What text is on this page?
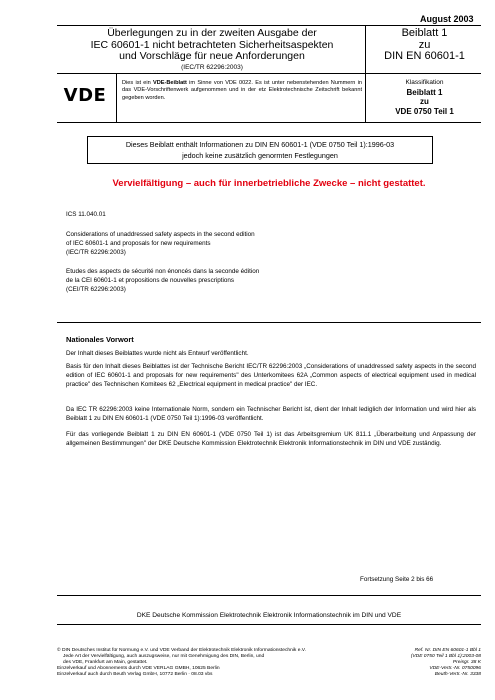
August 2003
Überlegungen zu in der zweiten Ausgabe der
IEC 60601-1 nicht betrachteten Sicherheitsaspekten
und Vorschläge für neue Anforderungen
(IEC/TR 62296:2003)
Beiblatt 1
zu
DIN EN 60601-1
VDE
Dies ist ein VDE-Beiblatt im Sinne von VDE 0022. Es ist unter nebenstehenden Nummern in das VDE-Vorschriftenwerk aufgenommen und in der etz Elektrotechnische Zeitschrift bekannt gegeben worden.
Klassifikation
Beiblatt 1
zu
VDE 0750 Teil 1
Dieses Beiblatt enthält Informationen zu DIN EN 60601-1 (VDE 0750 Teil 1):1996-03
jedoch keine zusätzlich genormten Festlegungen
Vervielfältigung – auch für innerbetriebliche Zwecke – nicht gestattet.
ICS 11.040.01
Considerations of unaddressed safety aspects in the second edition
of IEC 60601-1 and proposals for new requirements
(IEC/TR 62296:2003)
Etudes des aspects de sécurité non énoncés dans la seconde édition
de la CEI 60601-1 et propositions de nouvelles prescriptions
(CEI/TR 62296:2003)
Nationales Vorwort
Der Inhalt dieses Beiblattes wurde nicht als Entwurf veröffentlicht.
Basis für den Inhalt dieses Beiblattes ist der Technische Bericht IEC/TR 62296:2003 „Considerations of unaddressed safety aspects in the second edition of IEC 60601-1 and proposals for new requirements" des Unterkomitees 62A „Common aspects of electrical equipment used in medical practice" des Technischen Komitees 62 „Electrical equipment in medical practice" der IEC.
Da IEC TR 62296:2003 keine Internationale Norm, sondern ein Technischer Bericht ist, dient der Inhalt lediglich der Information und wird hier als Beiblatt 1 zu DIN EN 60601-1 (VDE 0750 Teil 1):1996-03 veröffentlicht.
Für das vorliegende Beiblatt 1 zu DIN EN 60601-1 (VDE 0750 Teil 1) ist das Arbeitsgremium UK 811.1 „Überarbeitung und Anpassung der allgemeinen Bestimmungen" der DKE Deutsche Kommission Elektrotechnik Elektronik Informationstechnik im DIN und VDE zuständig.
Fortsetzung Seite 2 bis 66
DKE Deutsche Kommission Elektrotechnik Elektronik Informationstechnik im DIN und VDE
© DIN Deutsches Institut für Normung e.V. und VDE Verband der Elektrotechnik Elektronik Informationstechnik e.V.
Jede Art der Vervielfältigung, auch auszugsweise, nur mit Genehmigung des DIN, Berlin, und
des VDE, Frankfurt am Main, gestattet.
Einzelverkauf und Abonnements durch VDE VERLAG GMBH, 10625 Berlin
Einzelverkauf auch durch Beuth Verlag GmbH, 10772 Berlin · 08.03 vbs
Ref. Nr. DIN EN 60601-1 Bbl 1
(VDE 0750 Teil 1 Bbl 1):2003-08
Preisgr. 38 K
VDE-Vertr.-Nr. 0750096
Beuth-Vertr.-Nr. 3338
